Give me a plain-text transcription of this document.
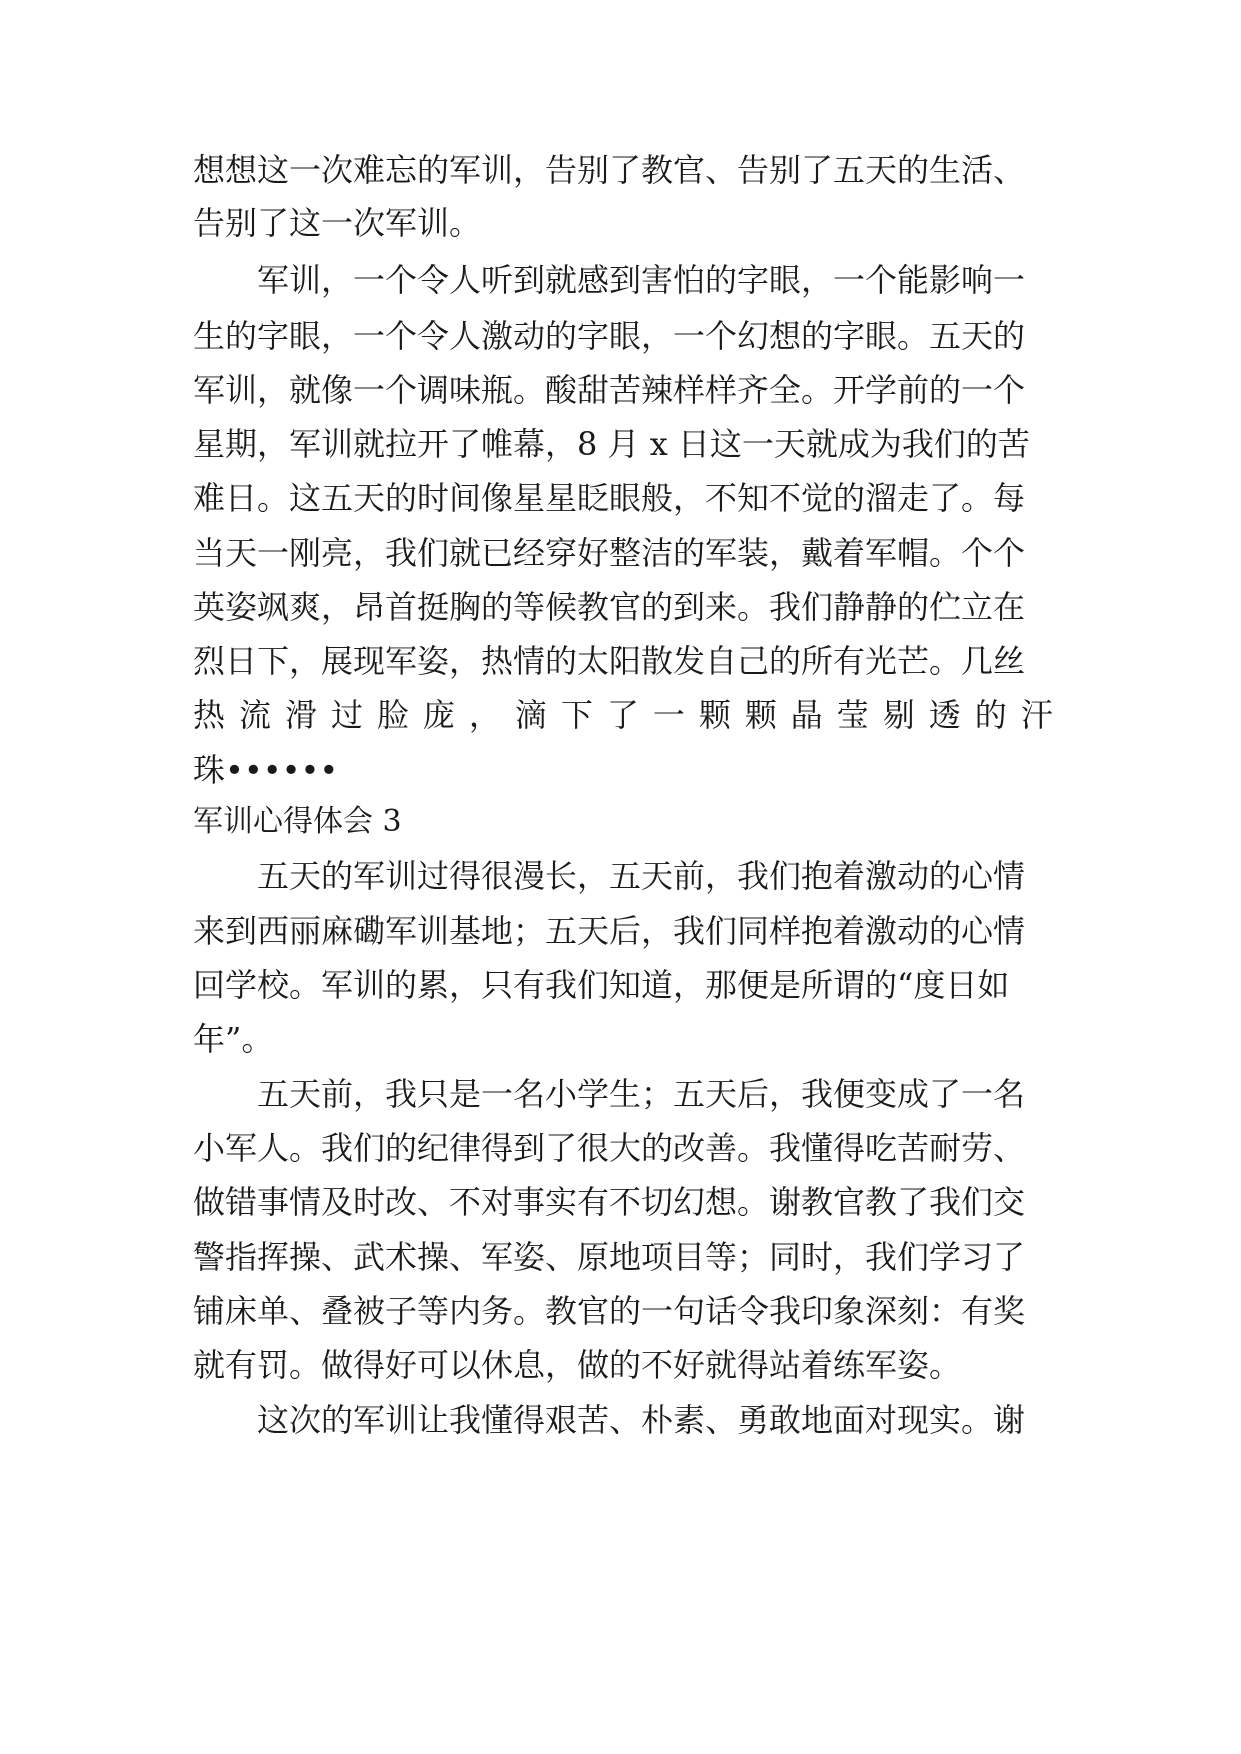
想想这一次难忘的军训，告别了教官、告别了五天的生活、
告别了这一次军训。
军训，一个令人听到就感到害怕的字眼，一个能影响一
生的字眼，一个令人激动的字眼，一个幻想的字眼。五天的
军训，就像一个调味瓶。酸甜苦辣样样齐全。开学前的一个
星期，军训就拉开了帷幕，8 月 x 日这一天就成为我们的苦
难日。这五天的时间像星星眨眼般，不知不觉的溜走了。每
当天一刚亮，我们就已经穿好整洁的军装，戴着军帽。个个
英姿飒爽，昂首挺胸的等候教官的到来。我们静静的伫立在
烈日下，展现军姿，热情的太阳散发自己的所有光芒。几丝
热 流 滑 过 脸 庞 ， 滴 下 了 一 颗 颗 晶 莹 剔 透 的 汗
珠••••••
军训心得体会 3
五天的军训过得很漫长，五天前，我们抱着激动的心情
来到西丽麻磡军训基地；五天后，我们同样抱着激动的心情
回学校。军训的累，只有我们知道，那便是所谓的“度日如
年”。
五天前，我只是一名小学生；五天后，我便变成了一名
小军人。我们的纪律得到了很大的改善。我懂得吃苦耐劳、
做错事情及时改、不对事实有不切幻想。谢教官教了我们交
警指挥操、武术操、军姿、原地项目等；同时，我们学习了
铺床单、叠被子等内务。教官的一句话令我印象深刻：有奖
就有罚。做得好可以休息，做的不好就得站着练军姿。
这次的军训让我懂得艰苦、朴素、勇敢地面对现实。谢
